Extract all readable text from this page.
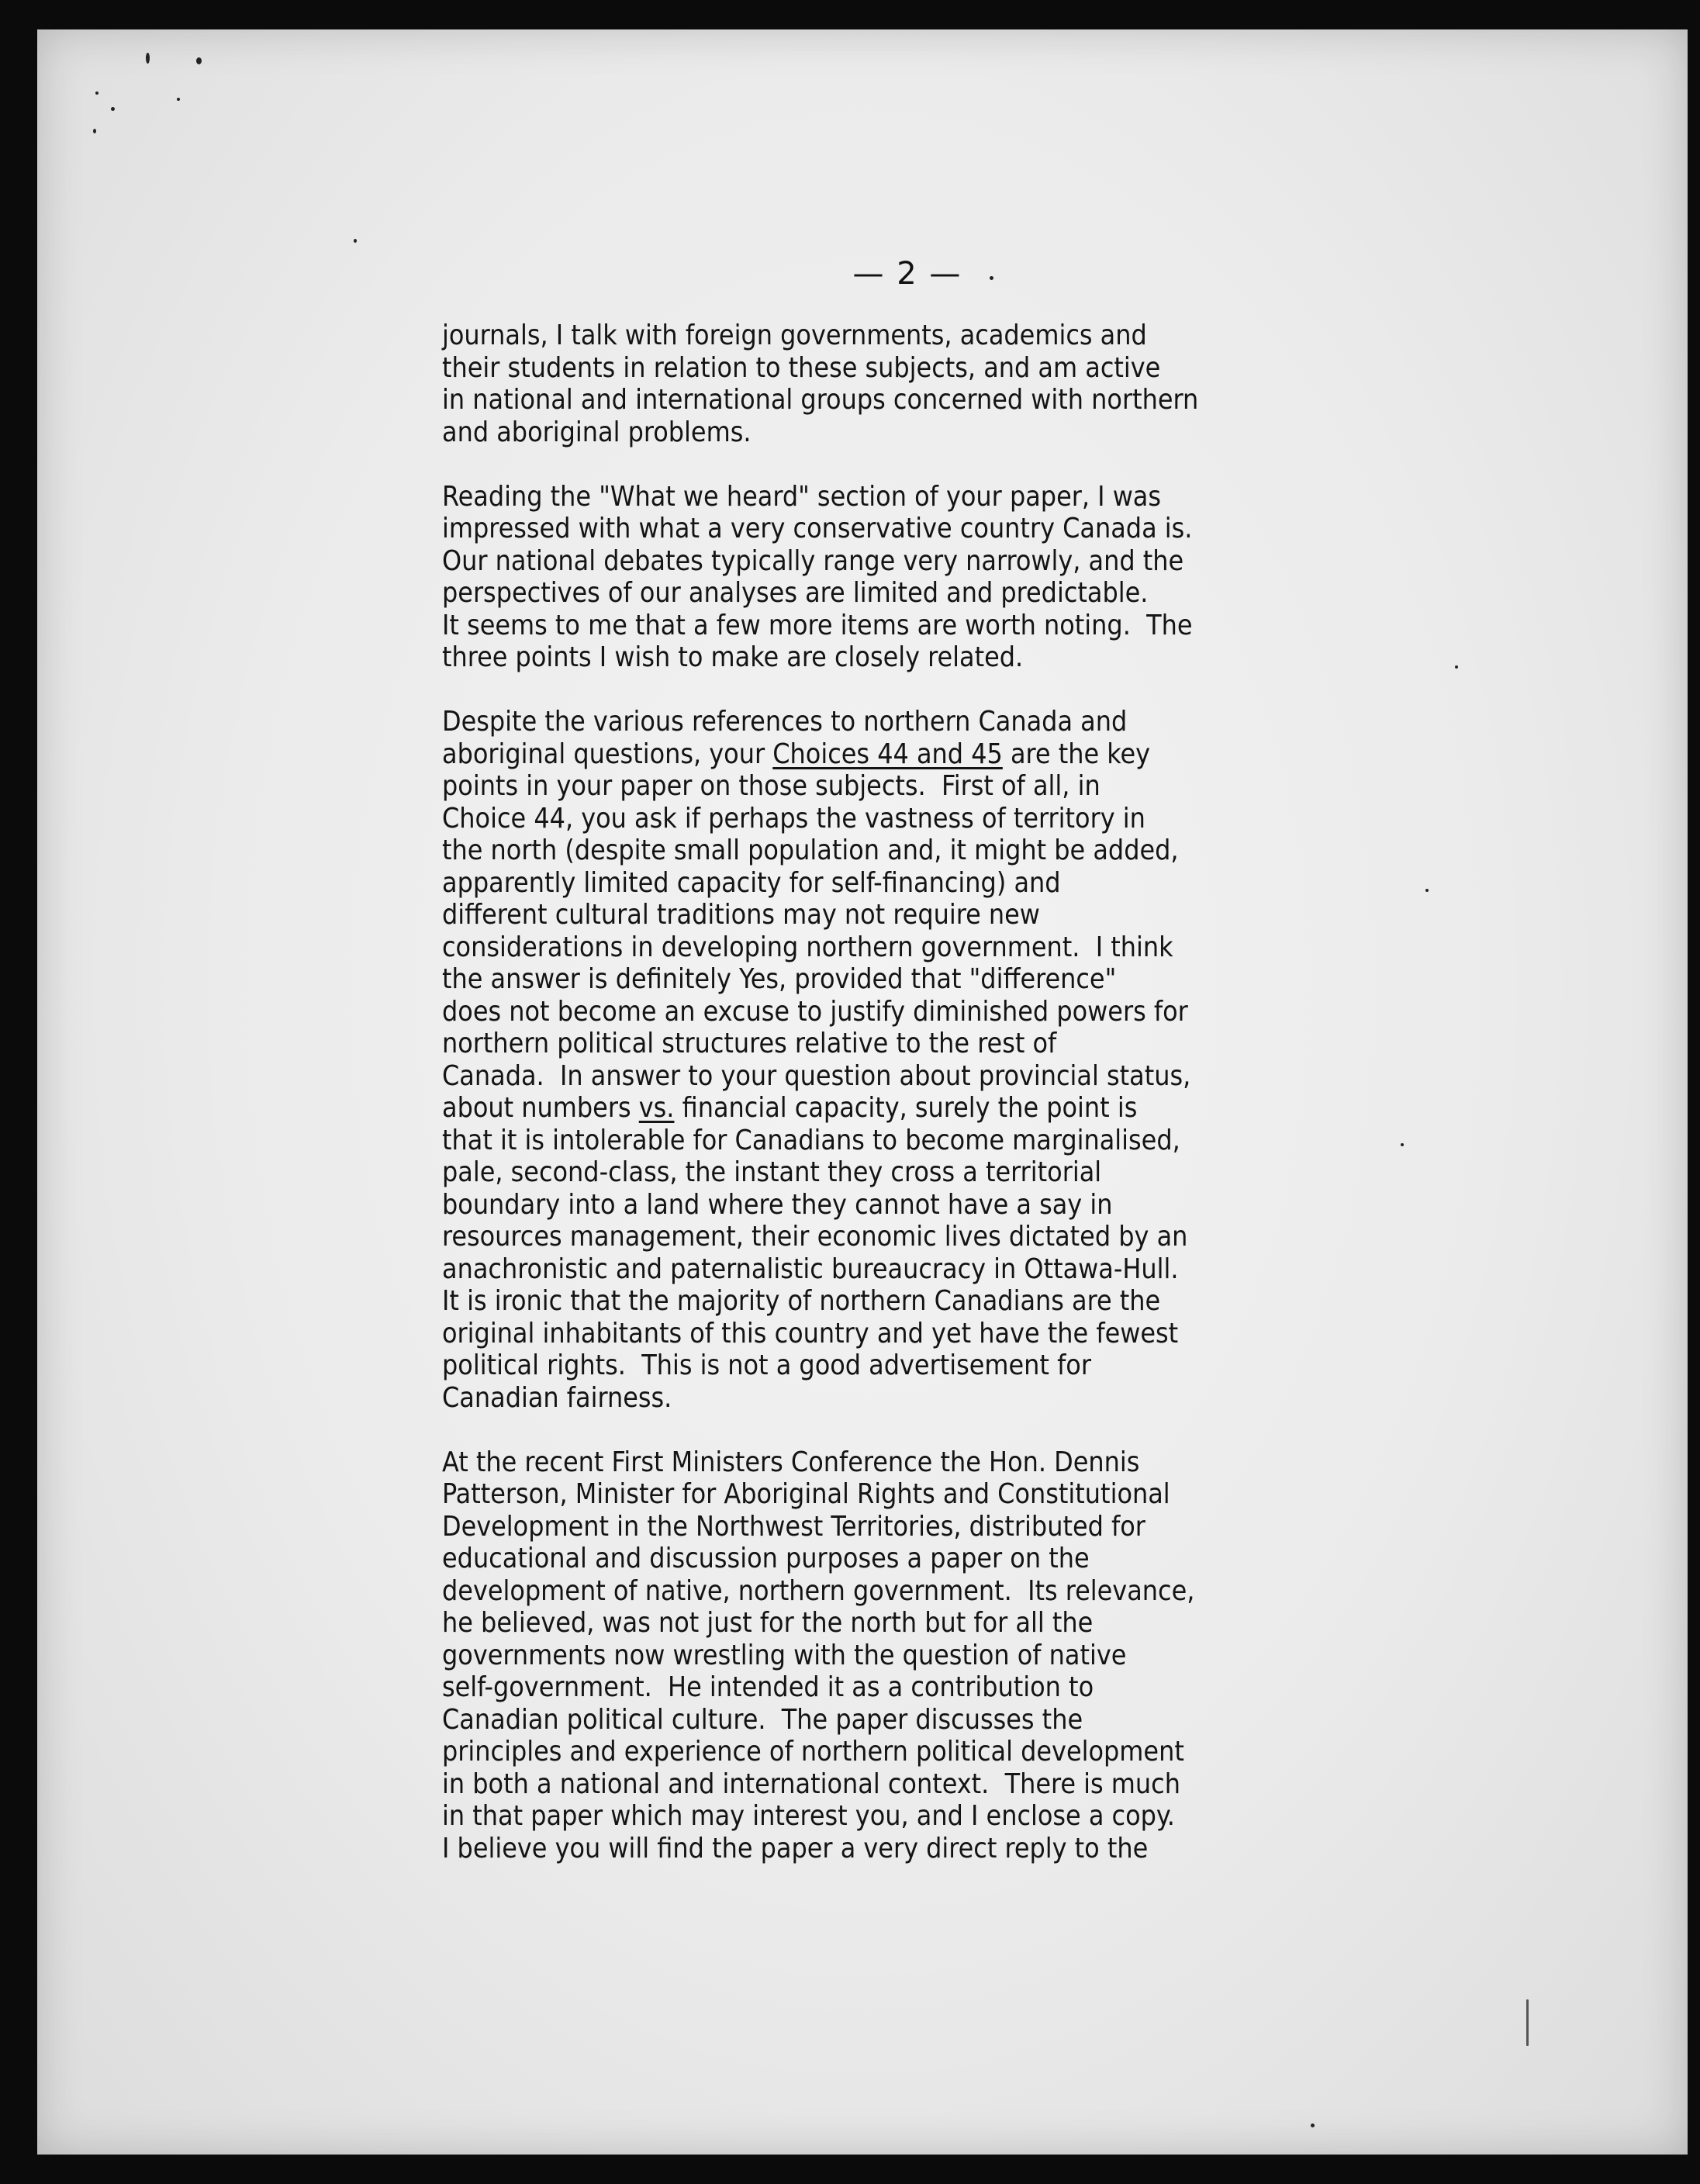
— 2 —
journals, I talk with foreign governments, academics and
their students in relation to these subjects, and am active
in national and international groups concerned with northern
and aboriginal problems.
Reading the "What we heard" section of your paper, I was
impressed with what a very conservative country Canada is.
Our national debates typically range very narrowly, and the
perspectives of our analyses are limited and predictable.
It seems to me that a few more items are worth noting.  The
three points I wish to make are closely related.
Despite the various references to northern Canada and
aboriginal questions, your Choices 44 and 45 are the key
points in your paper on those subjects.  First of all, in
Choice 44, you ask if perhaps the vastness of territory in
the north (despite small population and, it might be added,
apparently limited capacity for self-financing) and
different cultural traditions may not require new
considerations in developing northern government.  I think
the answer is definitely Yes, provided that "difference"
does not become an excuse to justify diminished powers for
northern political structures relative to the rest of
Canada.  In answer to your question about provincial status,
about numbers vs. financial capacity, surely the point is
that it is intolerable for Canadians to become marginalised,
pale, second-class, the instant they cross a territorial
boundary into a land where they cannot have a say in
resources management, their economic lives dictated by an
anachronistic and paternalistic bureaucracy in Ottawa-Hull.
It is ironic that the majority of northern Canadians are the
original inhabitants of this country and yet have the fewest
political rights.  This is not a good advertisement for
Canadian fairness.
At the recent First Ministers Conference the Hon. Dennis
Patterson, Minister for Aboriginal Rights and Constitutional
Development in the Northwest Territories, distributed for
educational and discussion purposes a paper on the
development of native, northern government.  Its relevance,
he believed, was not just for the north but for all the
governments now wrestling with the question of native
self-government.  He intended it as a contribution to
Canadian political culture.  The paper discusses the
principles and experience of northern political development
in both a national and international context.  There is much
in that paper which may interest you, and I enclose a copy.
I believe you will find the paper a very direct reply to the
